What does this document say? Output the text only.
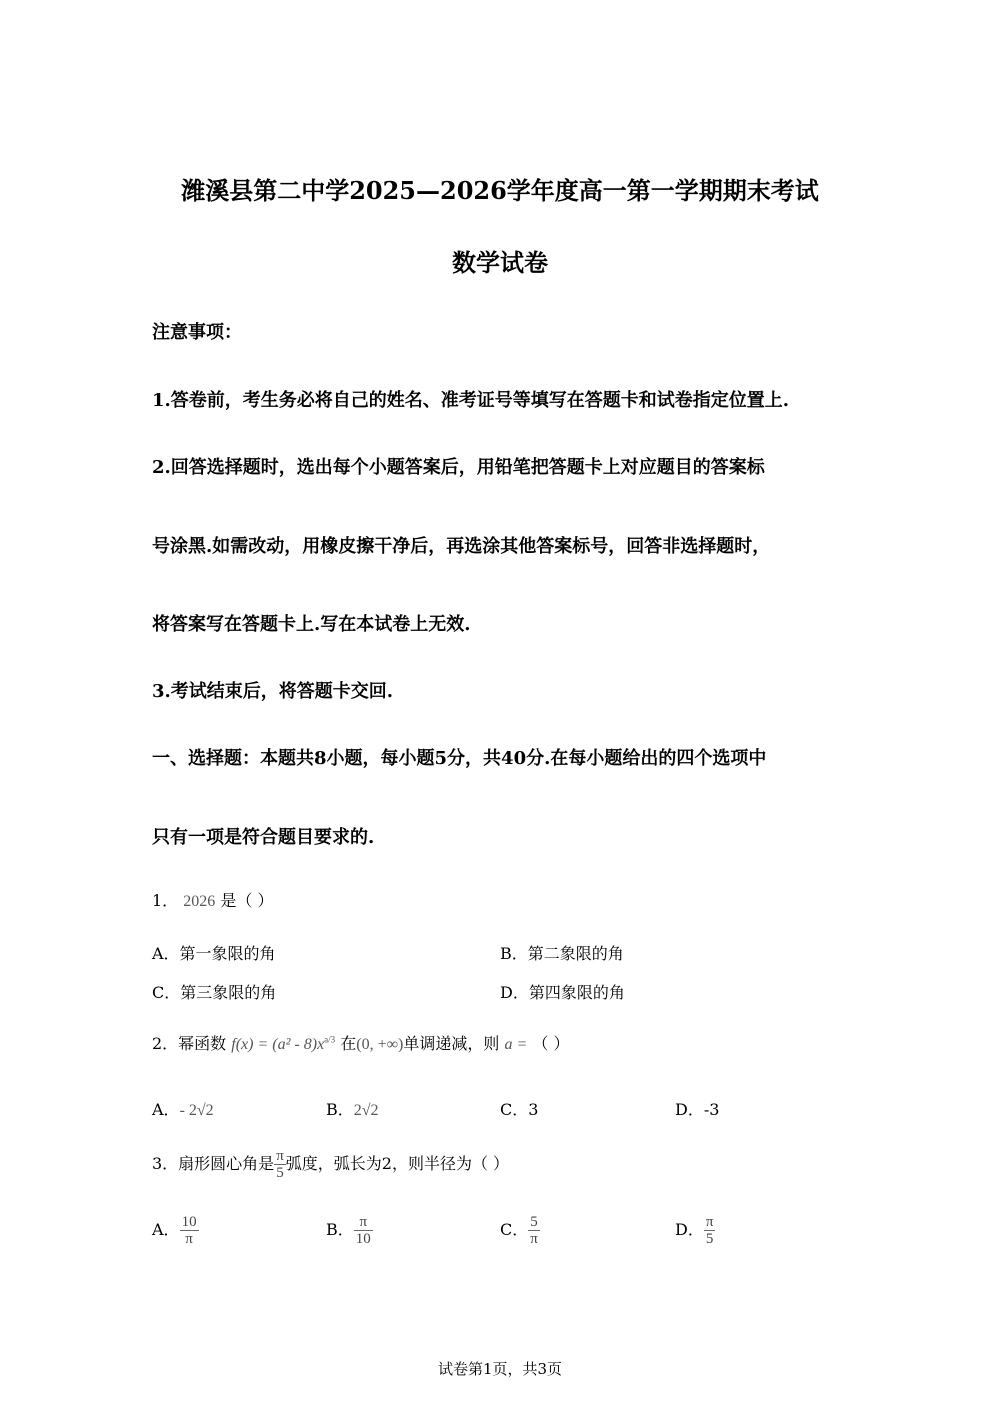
潍溪县第二中学2025—2026学年度高一第一学期期末考试
数学试卷
注意事项：
1.答卷前，考生务必将自己的姓名、准考证号等填写在答题卡和试卷指定位置上.
2.回答选择题时，选出每个小题答案后，用铅笔把答题卡上对应题目的答案标
号涂黑.如需改动，用橡皮擦干净后，再选涂其他答案标号，回答非选择题时，
将答案写在答题卡上.写在本试卷上无效.
3.考试结束后，将答题卡交回.
一、选择题：本题共8小题，每小题5分，共40分.在每小题给出的四个选项中
只有一项是符合题目要求的.
1． 2026 是（ ）
A．第一象限的角	B．第二象限的角
C．第三象限的角	D．第四象限的角
2．幂函数 $f(x) = (a^2 - 8)x^{a/3}$ 在(0, +∞)单调递减，则 a = （ ）
A．- 2√2	B．2√2	C．3	D．-3
3．扇形圆心角是 $\frac{\pi}{5}$ 弧度，弧长为2，则半径为（ ）
A． $\frac{10}{\pi}$	B． $\frac{\pi}{10}$	C． $\frac{5}{\pi}$	D． $\frac{\pi}{5}$
试卷第1页，共3页
